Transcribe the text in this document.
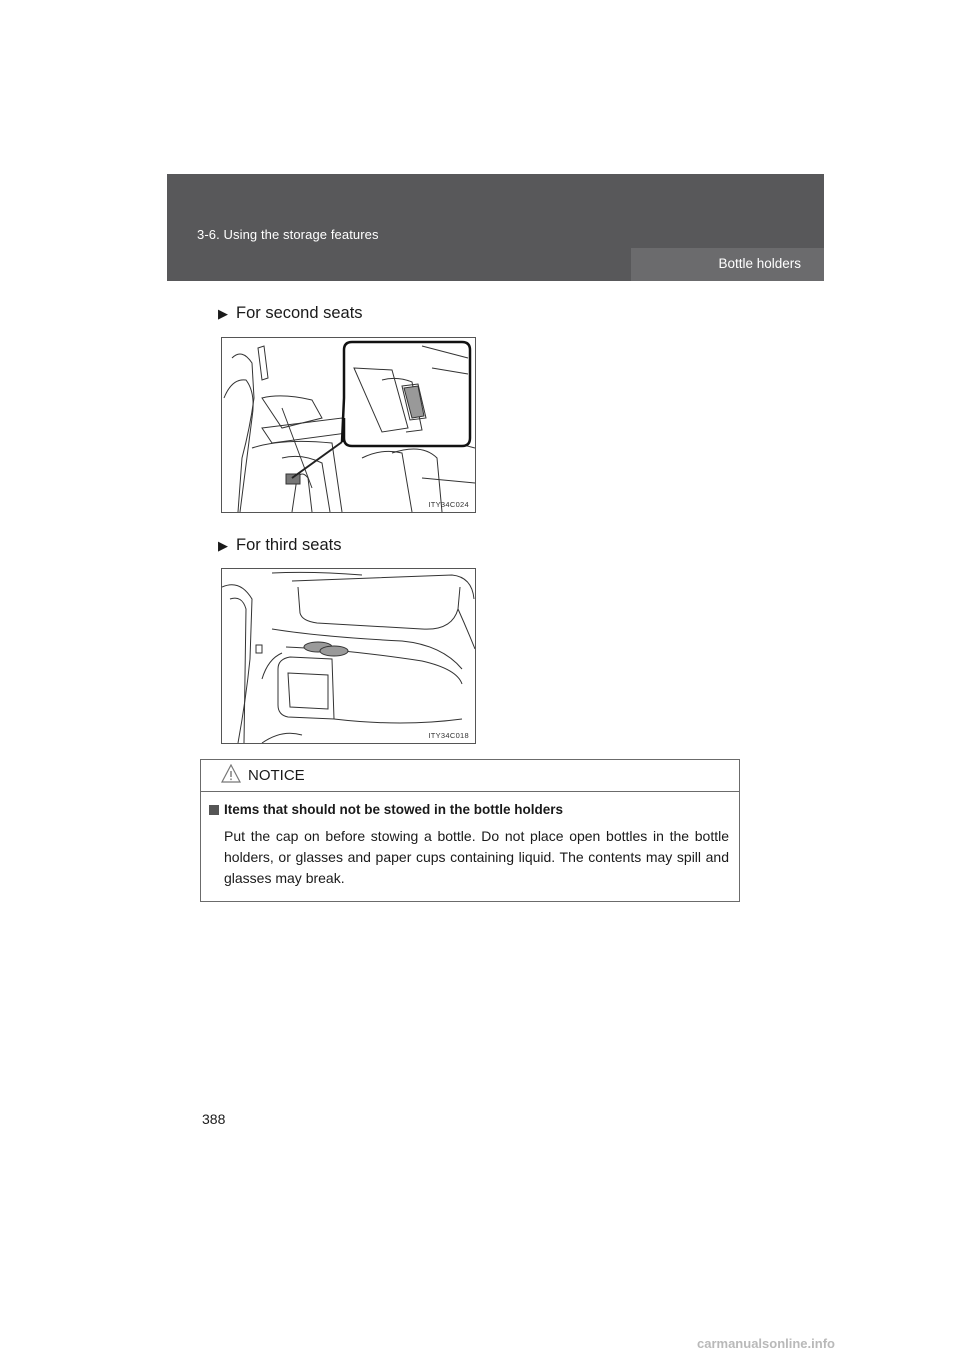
3-6. Using the storage features
Bottle holders
▶ For second seats
ITY34C024
▶ For third seats
ITY34C018
NOTICE
Items that should not be stowed in the bottle holders
Put the cap on before stowing a bottle. Do not place open bottles in the bottle holders, or glasses and paper cups containing liquid. The contents may spill and glasses may break.
388
carmanualsonline.info
